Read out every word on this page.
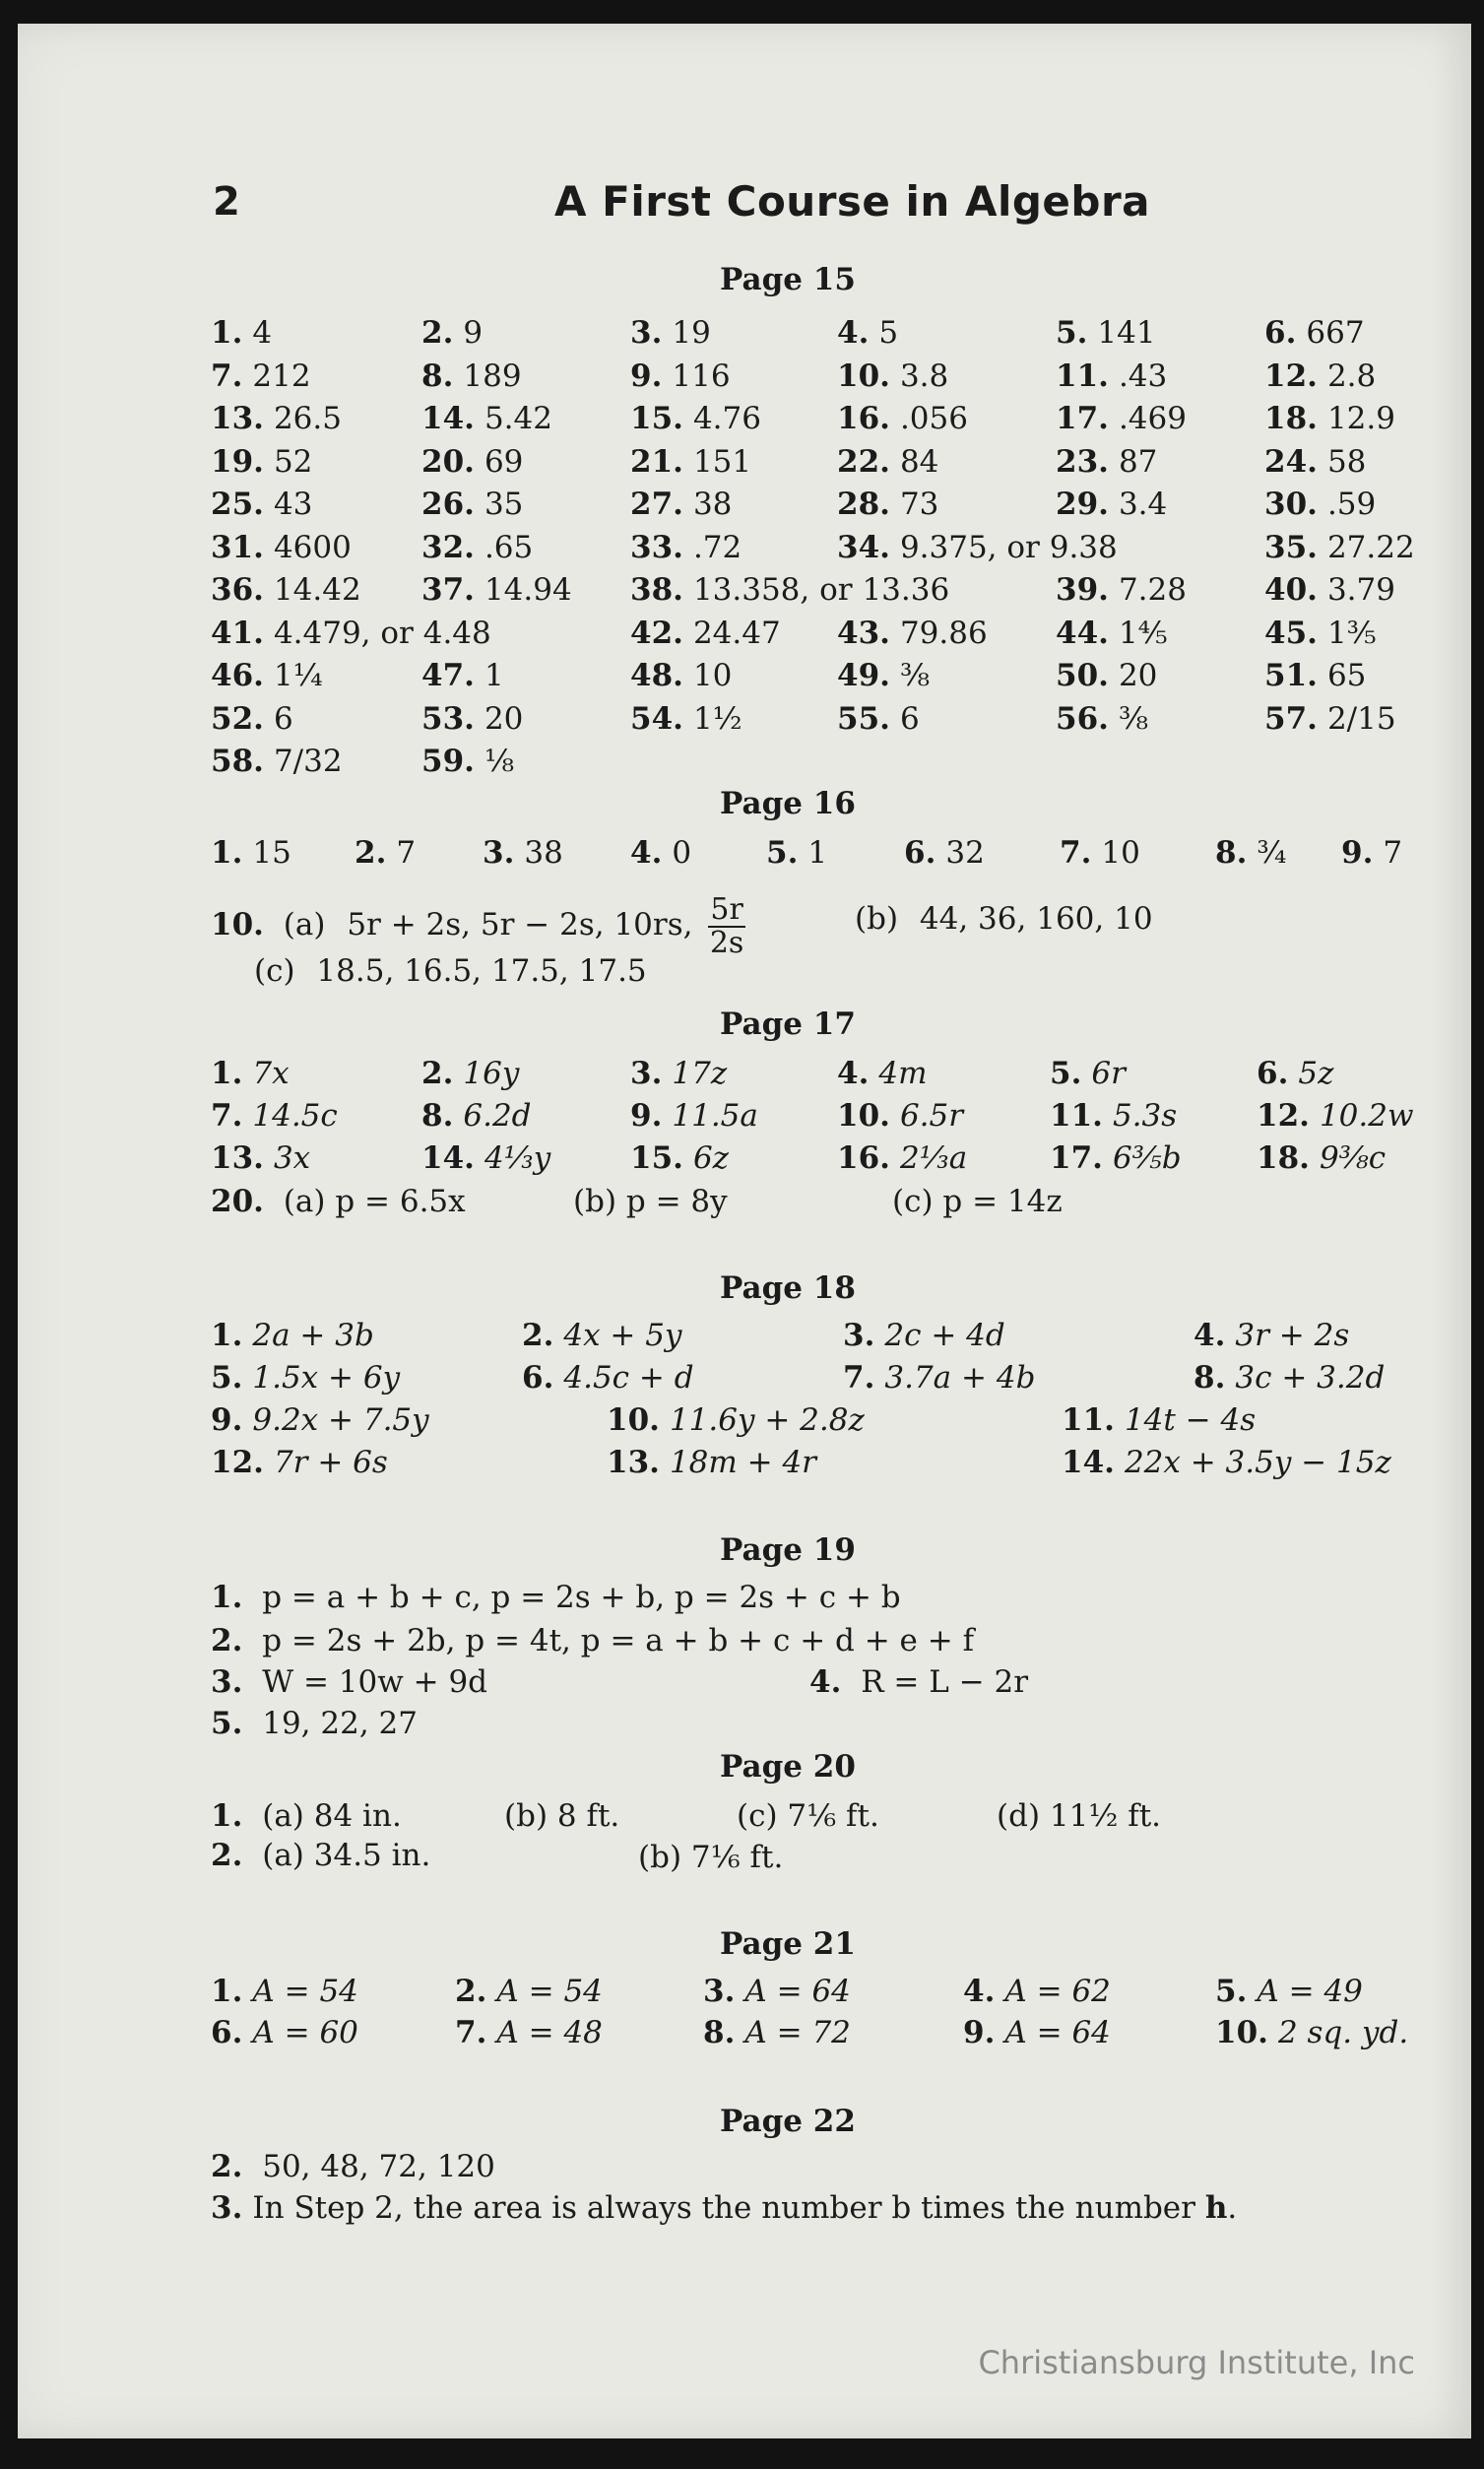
2	A First Course in Algebra
Page 15
Page 16
Page 17
Page 18
Page 19
Page 20
Page 21
Page 22
1. 4	2. 9	3. 19	4. 5	5. 141	6. 667
7. 212	8. 189	9. 116	10. 3.8	11. .43	12. 2.8
13. 26.5	14. 5.42	15. 4.76 16. .056	17. .469	18. 12.9
19. 52	20. 69	21. 151	22. 84	23. 87	24. 58
25. 43	26. 35	27. 38	28. 73	29. 3.4	30. .59
31. 4600 32. .65	33. .72	34. 9.375, or 9.38	35. 27.22
36. 14.42 37. 14.94 38. 13.358, or 13.36	39. 7.28	40. 3.79
41. 4.479, or 4.48	42. 24.47 43. 79.86 44. 1⅘	45. 1⅗
46. 1¼	47. 1	48. 10	49. ⅜	50. 20	51. 65
52. 6	53. 20	54. 1½	55. 6	56. ⅜	57. 2/15
58. 7/32	59. ⅛
1. 15 2. 7 3. 38 4. 0 5. 1	6. 32 7. 10 8. ¾ 9. 7
10. (a) 5r + 2s, 5r − 2s, 10rs, $\frac{5r}{2s}$	(b) 44, 36, 160, 10
(c) 18.5, 16.5, 17.5, 17.5
1. 7x	2. 16y	3. 17z	4. 4m	5. 6r	6. 5z
7. 14.5c	8. 6.2d	9. 11.5a	10. 6.5r	11. 5.3s	12. 10.2w
13. 3x	14. 4⅓y	15. 6z	16. 2⅓a	17. 6⅗b 18. 9⅜c
20. (a) p = 6.5x	(b) p = 8y	(c) p = 14z
1. 2a + 3b	2. 4x + 5y	3. 2c + 4d	4. 3r + 2s
5. 1.5x + 6y	6. 4.5c + d	7. 3.7a + 4b	8. 3c + 3.2d
9. 9.2x + 7.5y	10. 11.6y + 2.8z	11. 14t − 4s
12. 7r + 6s	13. 18m + 4r	14. 22x + 3.5y − 15z
1. p = a + b + c, p = 2s + b, p = 2s + c + b
2. p = 2s + 2b, p = 4t, p = a + b + c + d + e + f
3. W = 10w + 9d	4. R = L − 2r
5. 19, 22, 27
1. (a) 84 in.	(b) 8 ft.	(c) 7⅙ ft.	(d) 11½ ft.
2. (a) 34.5 in.	(b) 7⅙ ft.
1. A = 54	2. A = 54	3. A = 64	4. A = 62	5. A = 49
6. A = 60	7. A = 48	8. A = 72	9. A = 64	10. 2 sq. yd.
2. 50, 48, 72, 120
3. In Step 2, the area is always the number b times the number h.
Christiansburg Institute, Inc
